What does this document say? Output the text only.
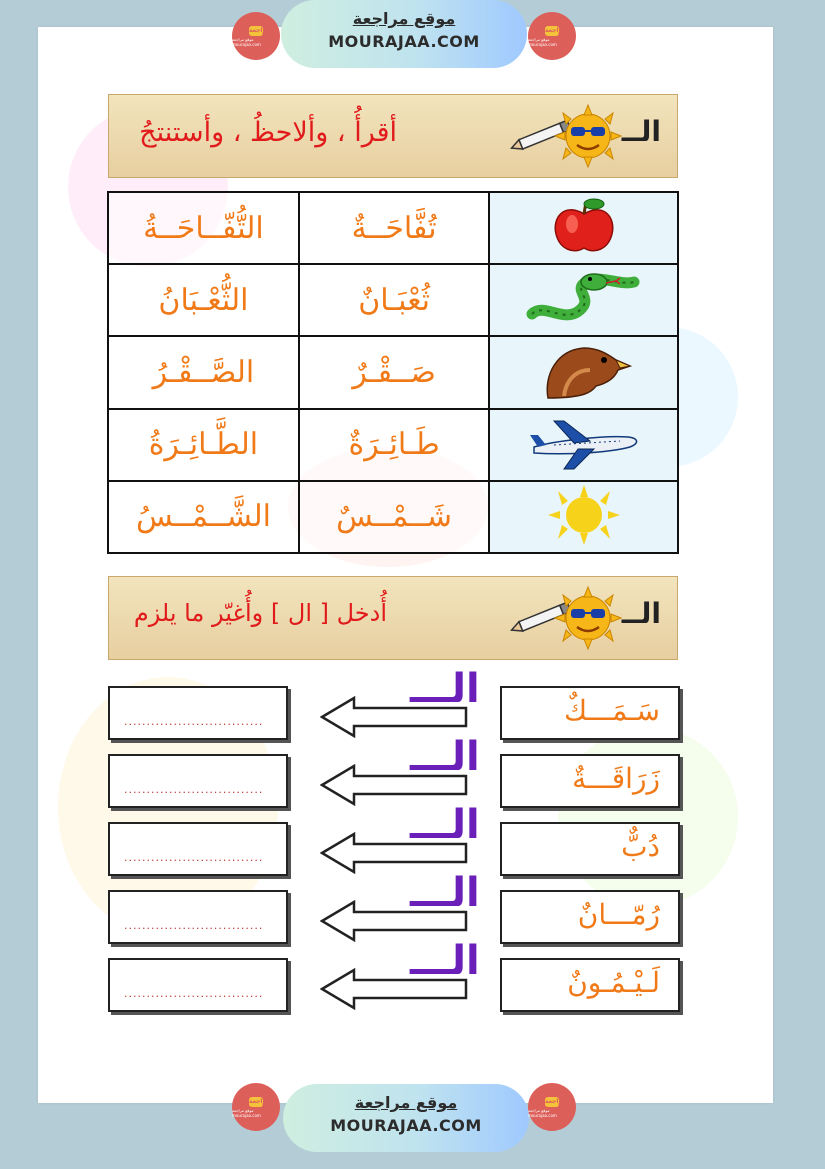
مراجعة
موقع مراجعة mourajaa.com
موقع مراجعة
MOURAJAA.COM
مراجعة
موقع مراجعة mourajaa.com
الــ
أقرأُ ، وألاحظُ ، وأستنتجُ
التُّفّــاحَــةُ	تُفَّاحَــةٌ	
الثُّعْـبَانُ	ثُعْبَـانٌ	
الصَّــقْـرُ	صَــقْـرٌ	
الطَّـائِـرَةُ	طَـائِـرَةٌ	
الشَّــمْــسُ	شَــمْــسٌ	
الــ
أُدخل [ ال ] وأُغيّر ما يلزم
...............................
الـــ	سَـمَـــكٌ
...............................
الـــ	زَرَاقَـــةٌ
...............................
الـــ	دُبٌّ
...............................
الـــ	رُمّـــانٌ
...............................
الـــ	لَـيْـمُـونٌ
مراجعة
موقع مراجعة mourajaa.com
موقع مراجعة
MOURAJAA.COM
مراجعة
موقع مراجعة mourajaa.com
